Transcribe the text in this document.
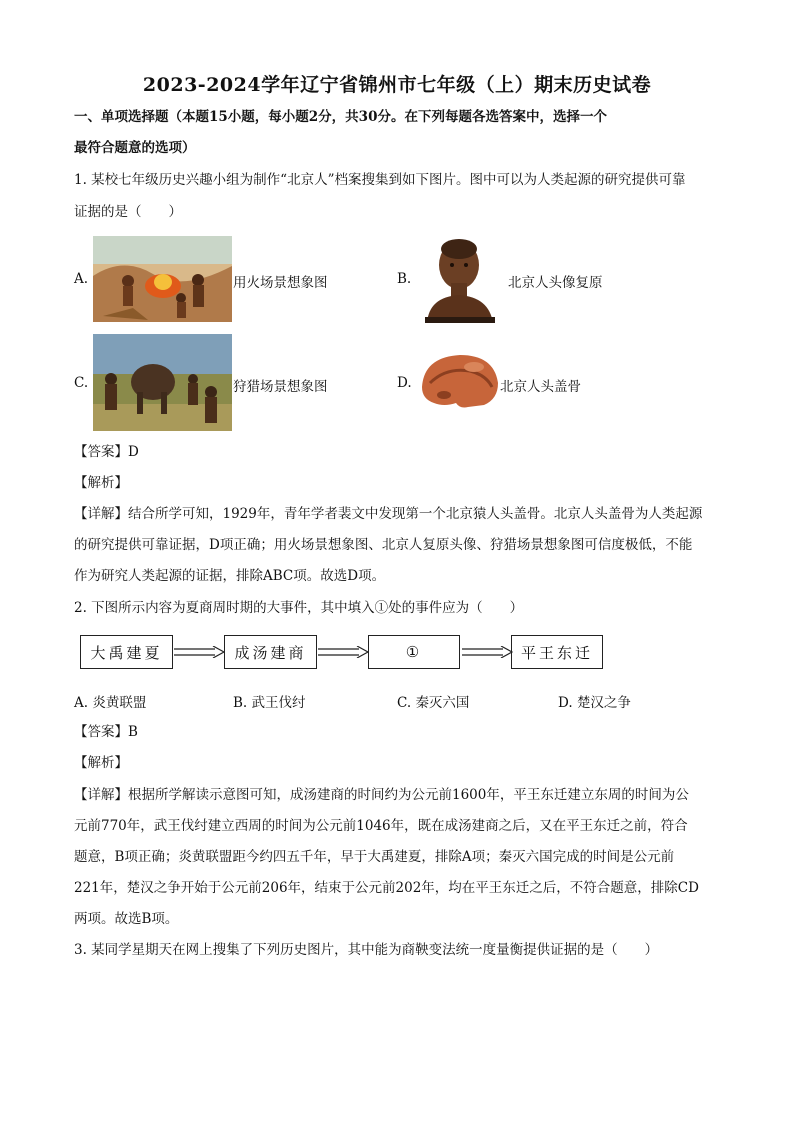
2023-2024学年辽宁省锦州市七年级（上）期末历史试卷
一、单项选择题（本题15小题，每小题2分，共30分。在下列每题各选答案中，选择一个
最符合题意的选项）
1. 某校七年级历史兴趣小组为制作“北京人”档案搜集到如下图片。图中可以为人类起源的研究提供可靠
证据的是（　　）
A.	用火场景想象图	B.	北京人头像复原
C.	狩猎场景想象图	D.	北京人头盖骨
【答案】D
【解析】
【详解】结合所学可知，1929年，青年学者裴文中发现第一个北京猿人头盖骨。北京人头盖骨为人类起源
的研究提供可靠证据，D项正确；用火场景想象图、北京人复原头像、狩猎场景想象图可信度极低，不能
作为研究人类起源的证据，排除ABC项。故选D项。
2. 下图所示内容为夏商周时期的大事件，其中填入①处的事件应为（　　）
大禹建夏	成汤建商	①	平王东迁
A. 炎黄联盟	B. 武王伐纣	C. 秦灭六国	D. 楚汉之争
【答案】B
【解析】
【详解】根据所学解读示意图可知，成汤建商的时间约为公元前1600年，平王东迁建立东周的时间为公
元前770年，武王伐纣建立西周的时间为公元前1046年，既在成汤建商之后，又在平王东迁之前，符合
题意，B项正确；炎黄联盟距今约四五千年，早于大禹建夏，排除A项；秦灭六国完成的时间是公元前
221年，楚汉之争开始于公元前206年，结束于公元前202年，均在平王东迁之后，不符合题意，排除CD
两项。故选B项。
3. 某同学星期天在网上搜集了下列历史图片，其中能为商鞅变法统一度量衡提供证据的是（　　）
